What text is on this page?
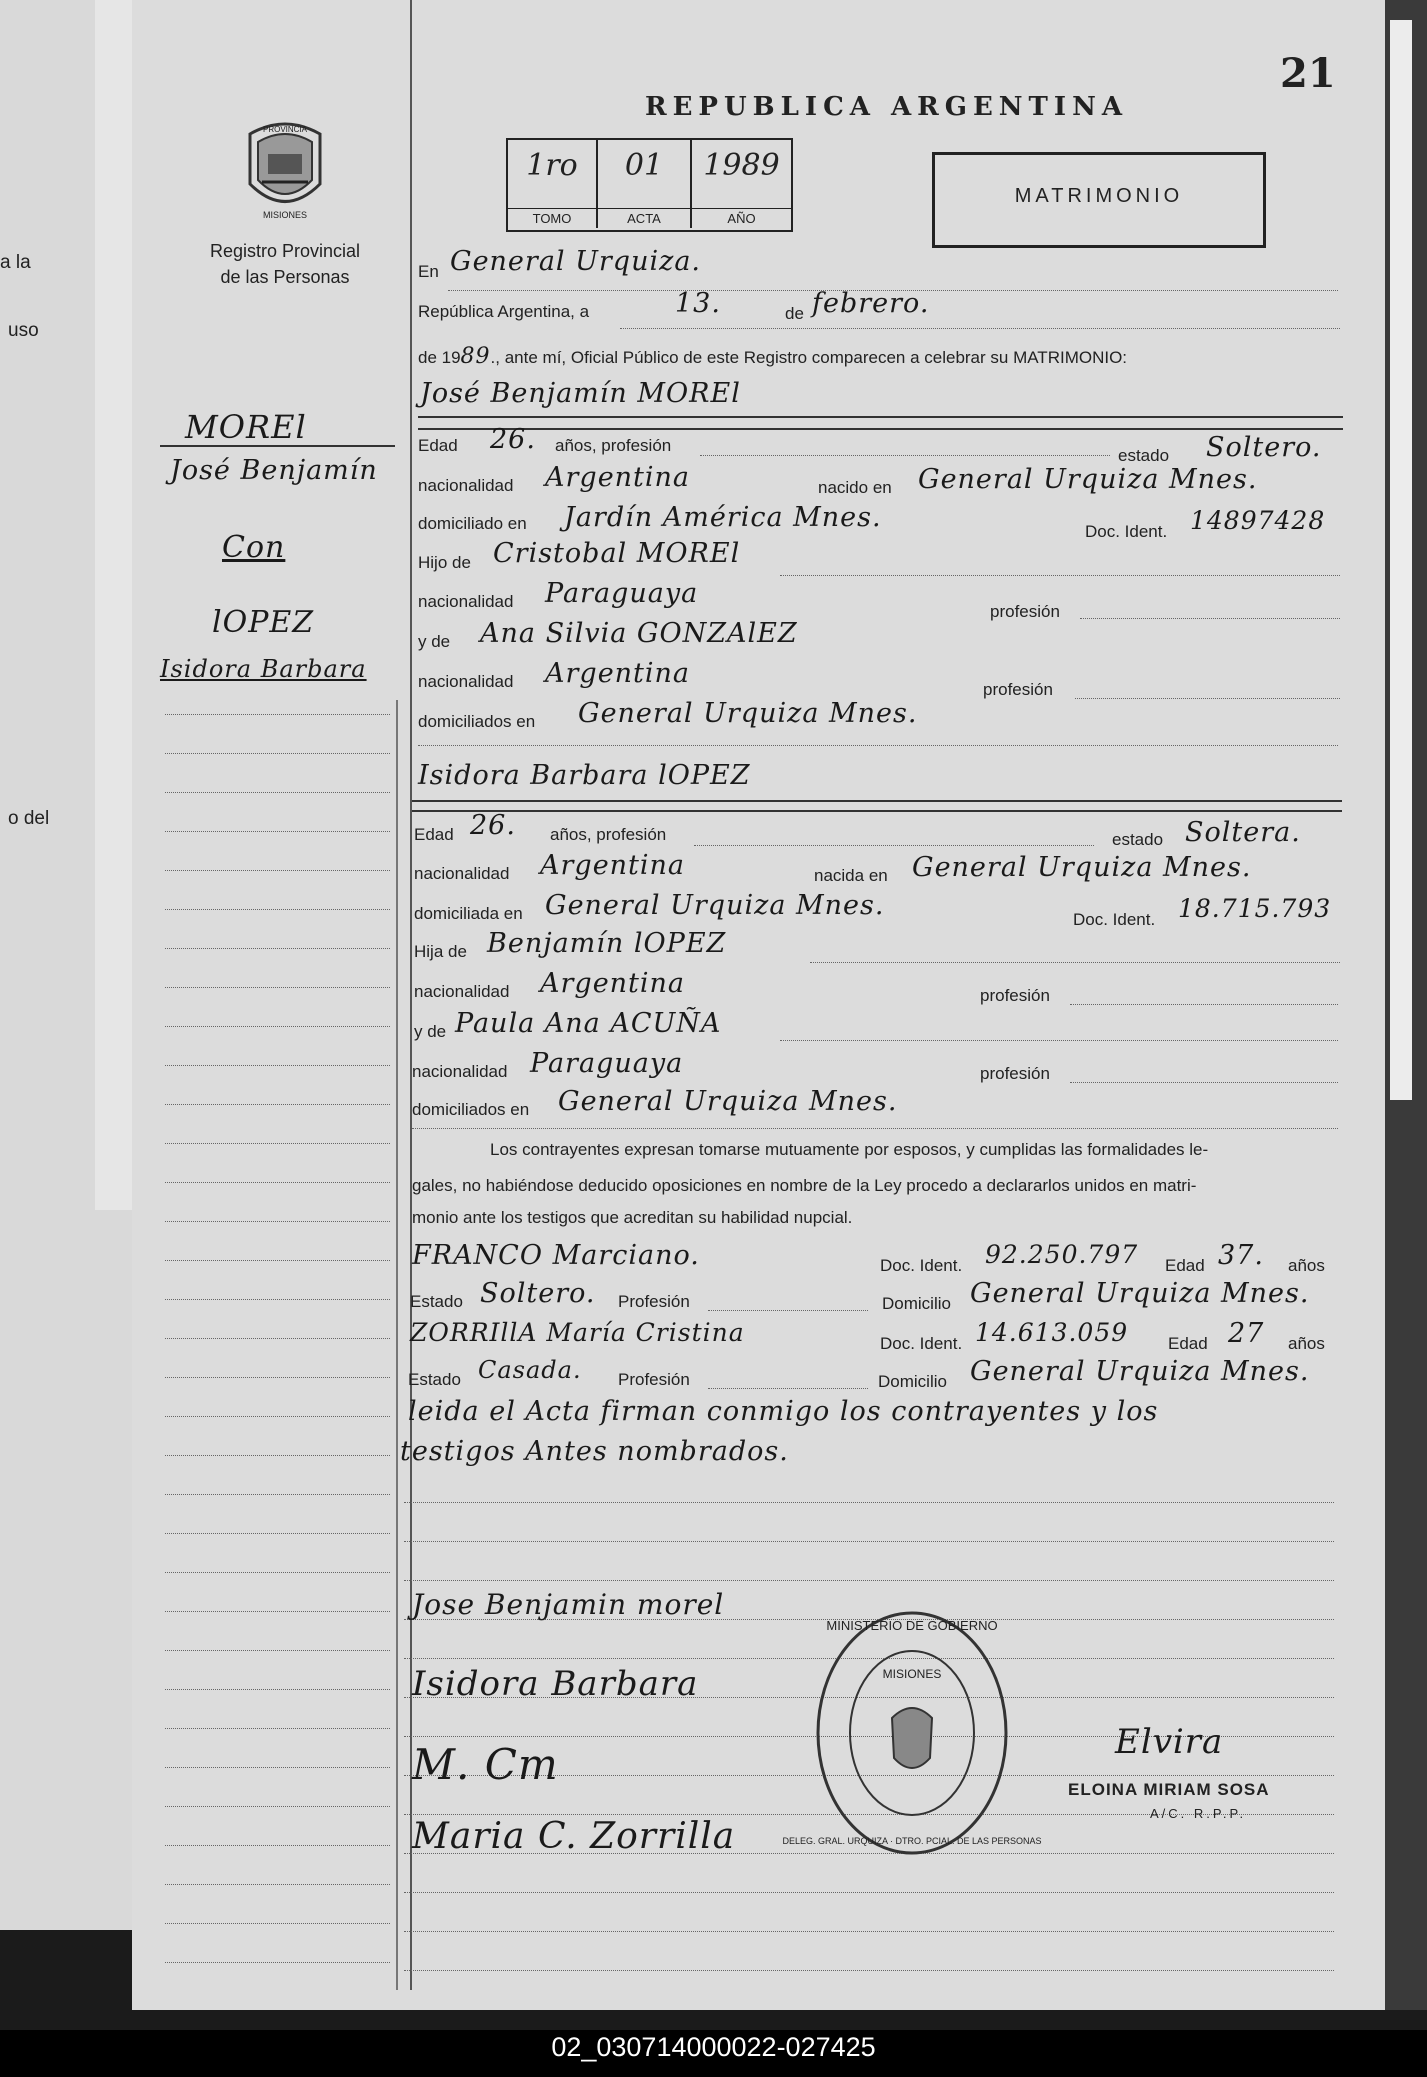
a la
uso
o del
21
REPUBLICA ARGENTINA
1ro
TOMO
01
ACTA
1989
AÑO
MATRIMONIO
PROVINCIA
MISIONES
Registro Provincial
de las Personas
MOREl
José Benjamín
Con
lOPEZ
Isidora Barbara
En General Urquiza.
República Argentina, a	13.	de febrero.
de 1989., ante mí, Oficial Público de este Registro comparecen a celebrar su MATRIMONIO:
José Benjamín MOREl
Edad 26. años, profesión
estado Soltero.
nacionalidad Argentina	nacido en General Urquiza Mnes.
domiciliado en Jardín América Mnes.	Doc. Ident. 14897428
Hijo de Cristobal MOREl
nacionalidad Paraguaya
profesión
y de Ana Silvia GONZAlEZ
nacionalidad Argentina
profesión
domiciliados en General Urquiza Mnes.
Isidora Barbara lOPEZ
Edad 26. años, profesión	estado Soltera.
nacionalidad Argentina	nacida en General Urquiza Mnes.
domiciliada en General Urquiza Mnes.	Doc. Ident. 18.715.793
Hija de Benjamín lOPEZ
nacionalidad Argentina	profesión
y de Paula Ana ACUÑA
nacionalidad Paraguaya	profesión
domiciliados en General Urquiza Mnes.
Los contrayentes expresan tomarse mutuamente por esposos, y cumplidas las formalidades le-
gales, no habiéndose deducido oposiciones en nombre de la Ley procedo a declararlos unidos en matri-
monio ante los testigos que acreditan su habilidad nupcial.
FRANCO Marciano.	Doc. Ident. 92.250.797 Edad 37. años
Estado Soltero. Profesión	Domicilio General Urquiza Mnes.
ZORRIllA María Cristina	Doc. Ident. 14.613.059 Edad 27 años
Estado Casada. Profesión	Domicilio General Urquiza Mnes.
leida el Acta firman conmigo los contrayentes y los
testigos Antes nombrados.
Jose Benjamin morel
Isidora Barbara
M. Cm
Maria C. Zorrilla
MINISTERIO DE GOBIERNO
MISIONES
DELEG. GRAL. URQUIZA · DTRO. PCIAL. DE LAS PERSONAS
Elvira
ELOINA MIRIAM SOSA
A/C. R.P.P.
02_030714000022-027425
